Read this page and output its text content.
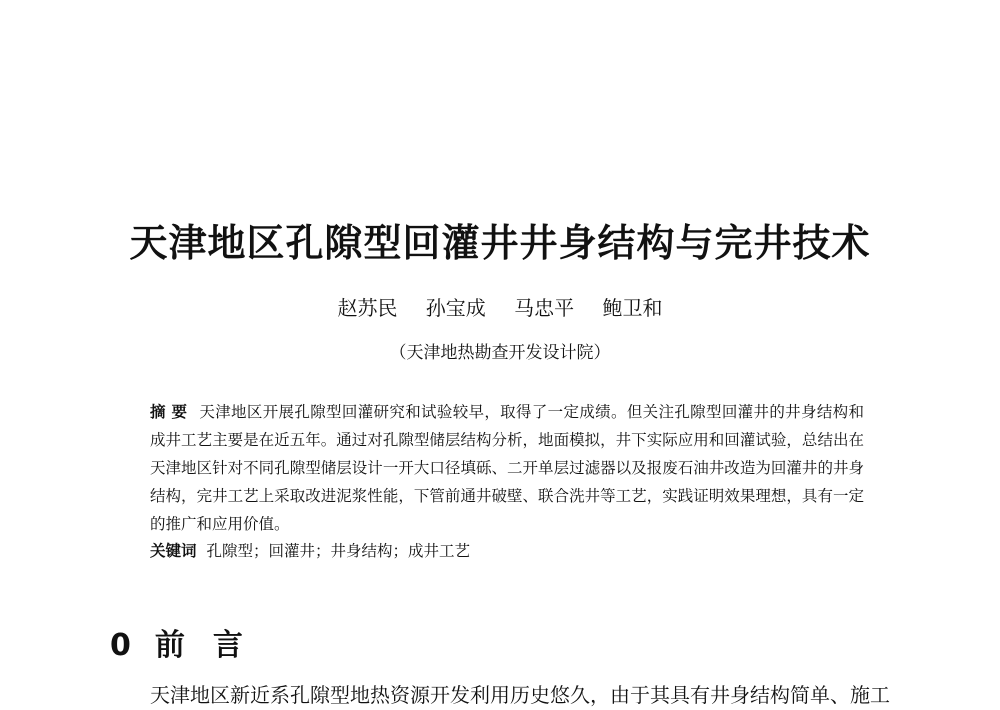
天津地区孔隙型回灌井井身结构与完井技术
赵苏民 孙宝成 马忠平 鲍卫和
（天津地热勘查开发设计院）
摘 要 天津地区开展孔隙型回灌研究和试验较早，取得了一定成绩。但关注孔隙型回灌井的井身结构和成井工艺主要是在近五年。通过对孔隙型储层结构分析，地面模拟，井下实际应用和回灌试验，总结出在天津地区针对不同孔隙型储层设计一开大口径填砾、二开单层过滤器以及报废石油井改造为回灌井的井身结构，完井工艺上采取改进泥浆性能，下管前通井破壁、联合洗井等工艺，实践证明效果理想，具有一定的推广和应用价值。
关键词 孔隙型；回灌井；井身结构；成井工艺
0 前言
天津地区新近系孔隙型地热资源开发利用历史悠久，由于其具有井身结构简单、施工
